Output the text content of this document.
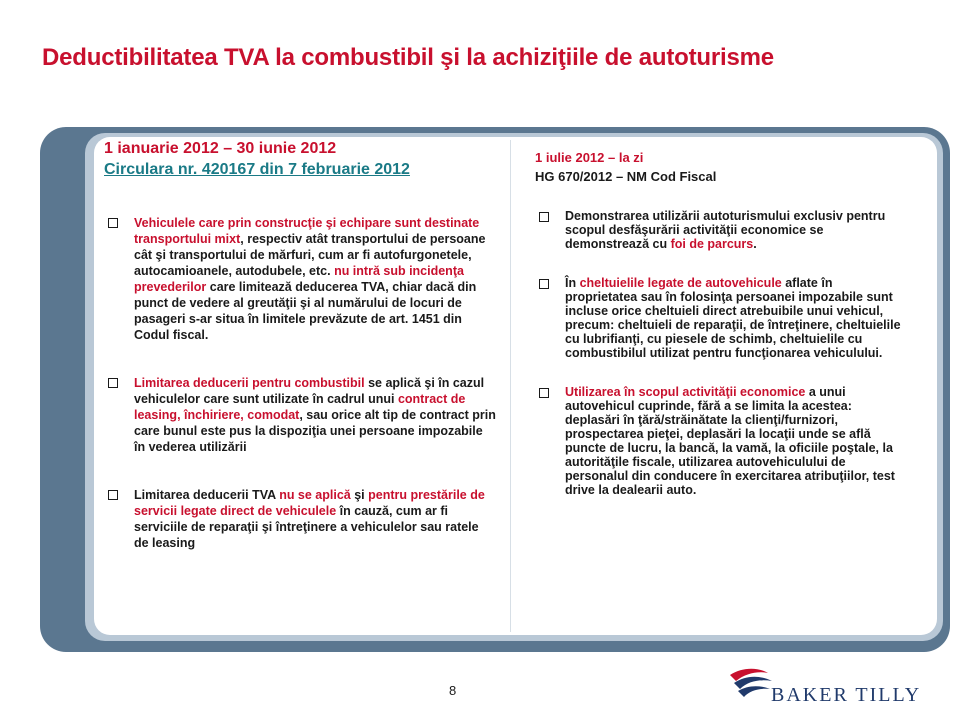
Deductibilitatea TVA la combustibil şi la achiziţiile de autoturisme
1 ianuarie 2012 – 30 iunie 2012
Circulara nr. 420167 din 7 februarie 2012
Vehiculele care prin construcţie şi echipare sunt destinate transportului mixt, respectiv atât transportului de persoane cât şi transportului de mărfuri, cum ar fi autofurgonetele, autocamioanele, autodubele, etc. nu intră sub incidenţa prevederilor care limitează deducerea TVA, chiar dacă din punct de vedere al greutăţii şi al numărului de locuri de pasageri s-ar situa în limitele prevăzute de art. 1451 din Codul fiscal.
Limitarea deducerii pentru combustibil se aplică şi în cazul vehiculelor care sunt utilizate în cadrul unui contract de leasing, închiriere, comodat, sau orice alt tip de contract prin care bunul este pus la dispoziţia unei persoane impozabile în vederea utilizării
Limitarea deducerii TVA nu se aplică şi pentru prestările de servicii legate direct de vehiculele în cauză, cum ar fi serviciile de reparaţii şi întreţinere a vehiculelor sau ratele de leasing
1 iulie 2012 – la zi
HG 670/2012 – NM Cod Fiscal
Demonstrarea utilizării autoturismului exclusiv pentru scopul desfăşurării activităţii economice se demonstrează cu foi de parcurs.
În cheltuielile legate de autovehicule aflate în proprietatea sau în folosinţa persoanei impozabile sunt incluse orice cheltuieli direct atrebuibile unui vehicul, precum: cheltuieli de reparaţii, de întreţinere, cheltuielile cu lubrifianţi, cu piesele de schimb, cheltuielile cu combustibilul utilizat pentru funcţionarea vehiculului.
Utilizarea în scopul activităţii economice a unui autovehicul cuprinde, fără a se limita la acestea: deplasări în ţără/străinătate la clienţi/furnizori, prospectarea pieţei, deplasări la locaţii unde se află puncte de lucru, la bancă, la vamă, la oficiile poştale, la autorităţile fiscale, utilizarea autovehiculului de personalul din conducere în exercitarea atribuţiilor, test drive la dealearii auto.
8	BAKER TILLY
